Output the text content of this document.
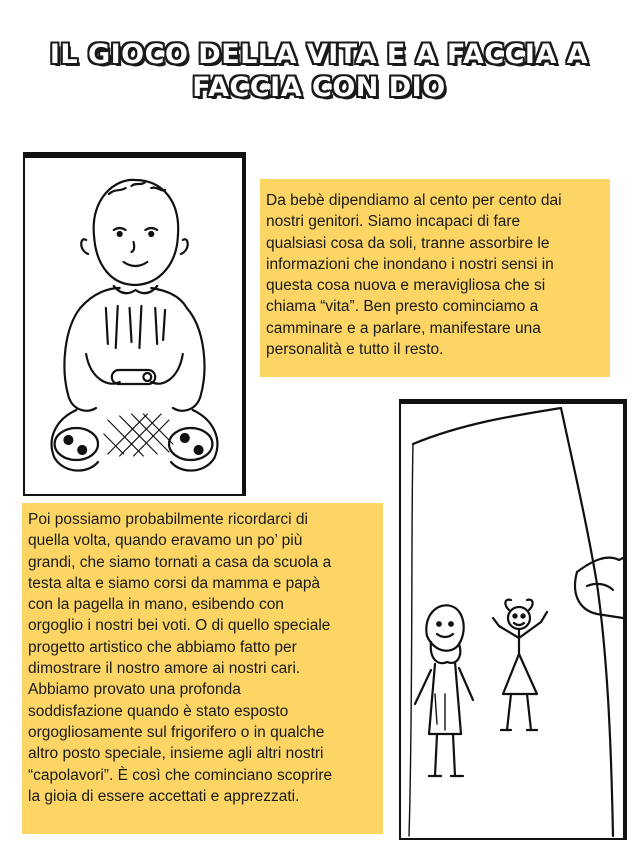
IL GIOCO DELLA VITA E A FACCIA A
FACCIA CON DIO
Da bebè dipendiamo al cento per cento dai
nostri genitori. Siamo incapaci di fare
qualsiasi cosa da soli, tranne assorbire le
informazioni che inondano i nostri sensi in
questa cosa nuova e meravigliosa che si
chiama “vita”. Ben presto cominciamo a
camminare e a parlare, manifestare una
personalità e tutto il resto.
Poi possiamo probabilmente ricordarci di
quella volta, quando eravamo un po’ più
grandi, che siamo tornati a casa da scuola a
testa alta e siamo corsi da mamma e papà
con la pagella in mano, esibendo con
orgoglio i nostri bei voti. O di quello speciale
progetto artistico che abbiamo fatto per
dimostrare il nostro amore ai nostri cari.
Abbiamo provato una profonda
soddisfazione quando è stato esposto
orgogliosamente sul frigorifero o in qualche
altro posto speciale, insieme agli altri nostri
“capolavori”. È così che cominciano scoprire
la gioia di essere accettati e apprezzati.
